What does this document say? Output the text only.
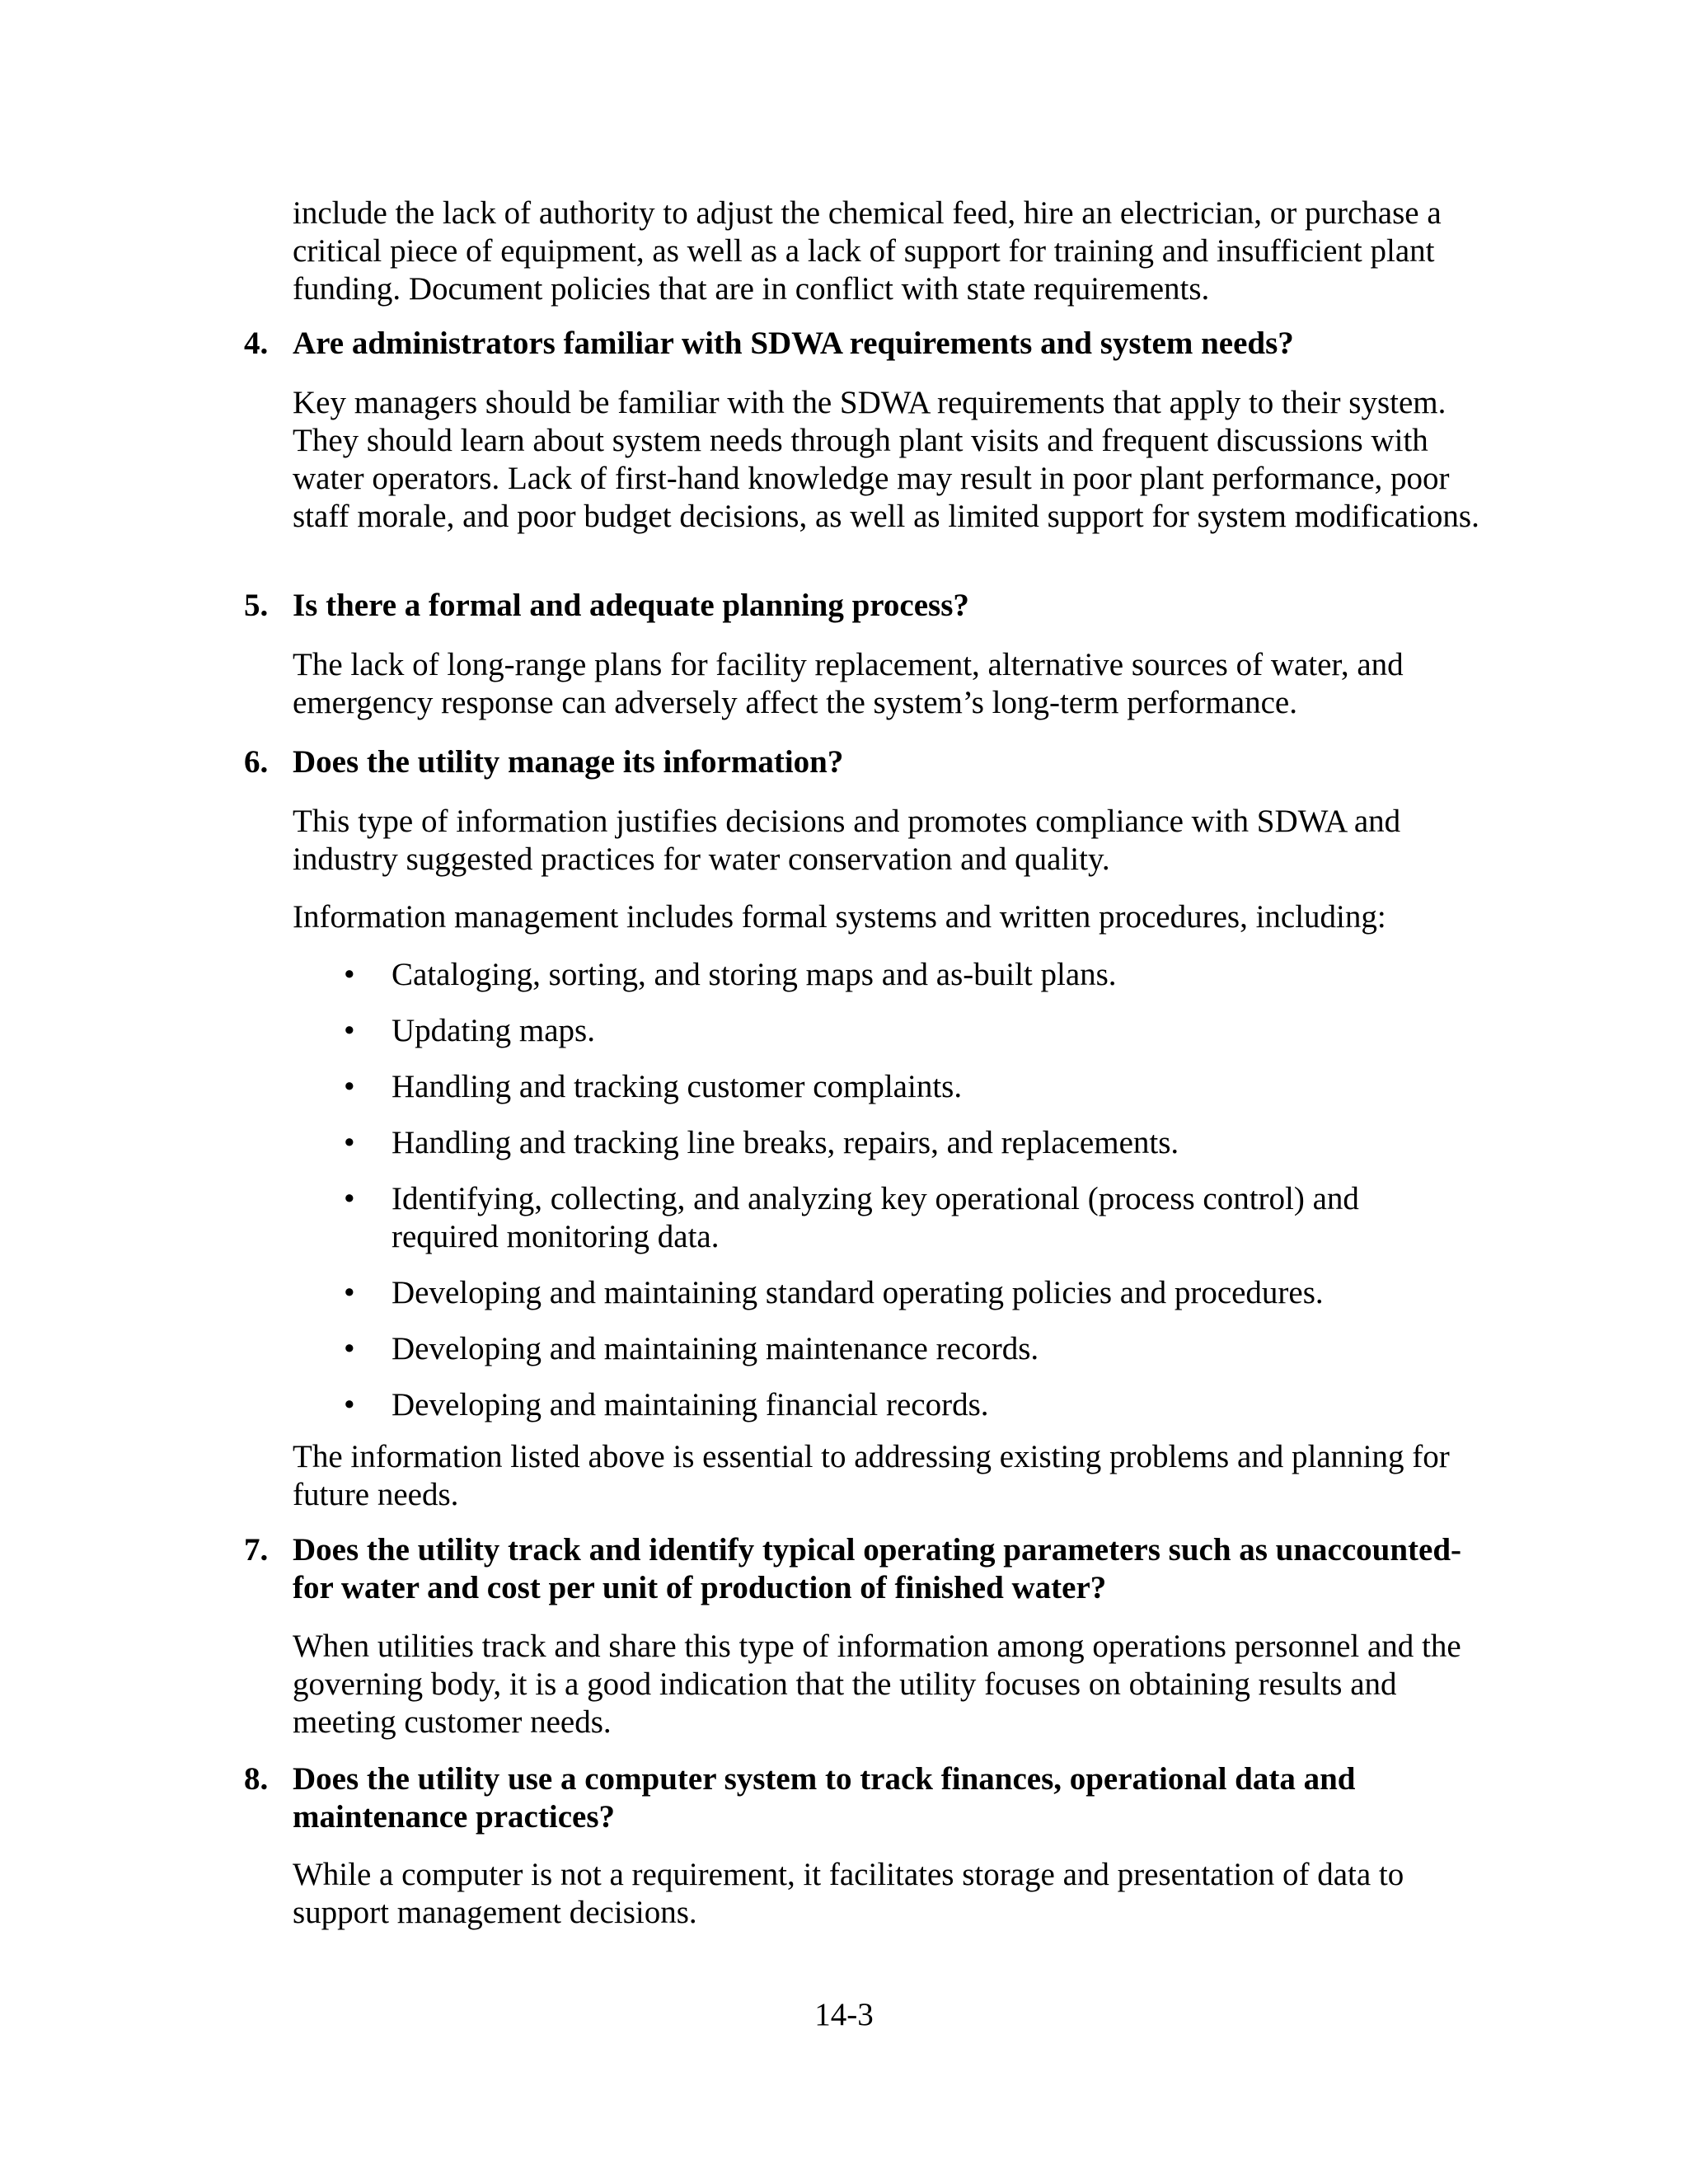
include the lack of authority to adjust the chemical feed, hire an electrician, or purchase a critical piece of equipment, as well as a lack of support for training and insufficient plant funding. Document policies that are in conflict with state requirements.

4. Are administrators familiar with SDWA requirements and system needs?

Key managers should be familiar with the SDWA requirements that apply to their system. They should learn about system needs through plant visits and frequent discussions with water operators. Lack of first-hand knowledge may result in poor plant performance, poor staff morale, and poor budget decisions, as well as limited support for system modifications.

5. Is there a formal and adequate planning process?

The lack of long-range plans for facility replacement, alternative sources of water, and emergency response can adversely affect the system’s long-term performance.

6. Does the utility manage its information?

This type of information justifies decisions and promotes compliance with SDWA and industry suggested practices for water conservation and quality.

Information management includes formal systems and written procedures, including:

• Cataloging, sorting, and storing maps and as-built plans.
• Updating maps.
• Handling and tracking customer complaints.
• Handling and tracking line breaks, repairs, and replacements.
• Identifying, collecting, and analyzing key operational (process control) and required monitoring data.
• Developing and maintaining standard operating policies and procedures.
• Developing and maintaining maintenance records.
• Developing and maintaining financial records.

The information listed above is essential to addressing existing problems and planning for future needs.

7. Does the utility track and identify typical operating parameters such as unaccounted-for water and cost per unit of production of finished water?

When utilities track and share this type of information among operations personnel and the governing body, it is a good indication that the utility focuses on obtaining results and meeting customer needs.

8. Does the utility use a computer system to track finances, operational data and maintenance practices?

While a computer is not a requirement, it facilitates storage and presentation of data to support management decisions.

14-3
